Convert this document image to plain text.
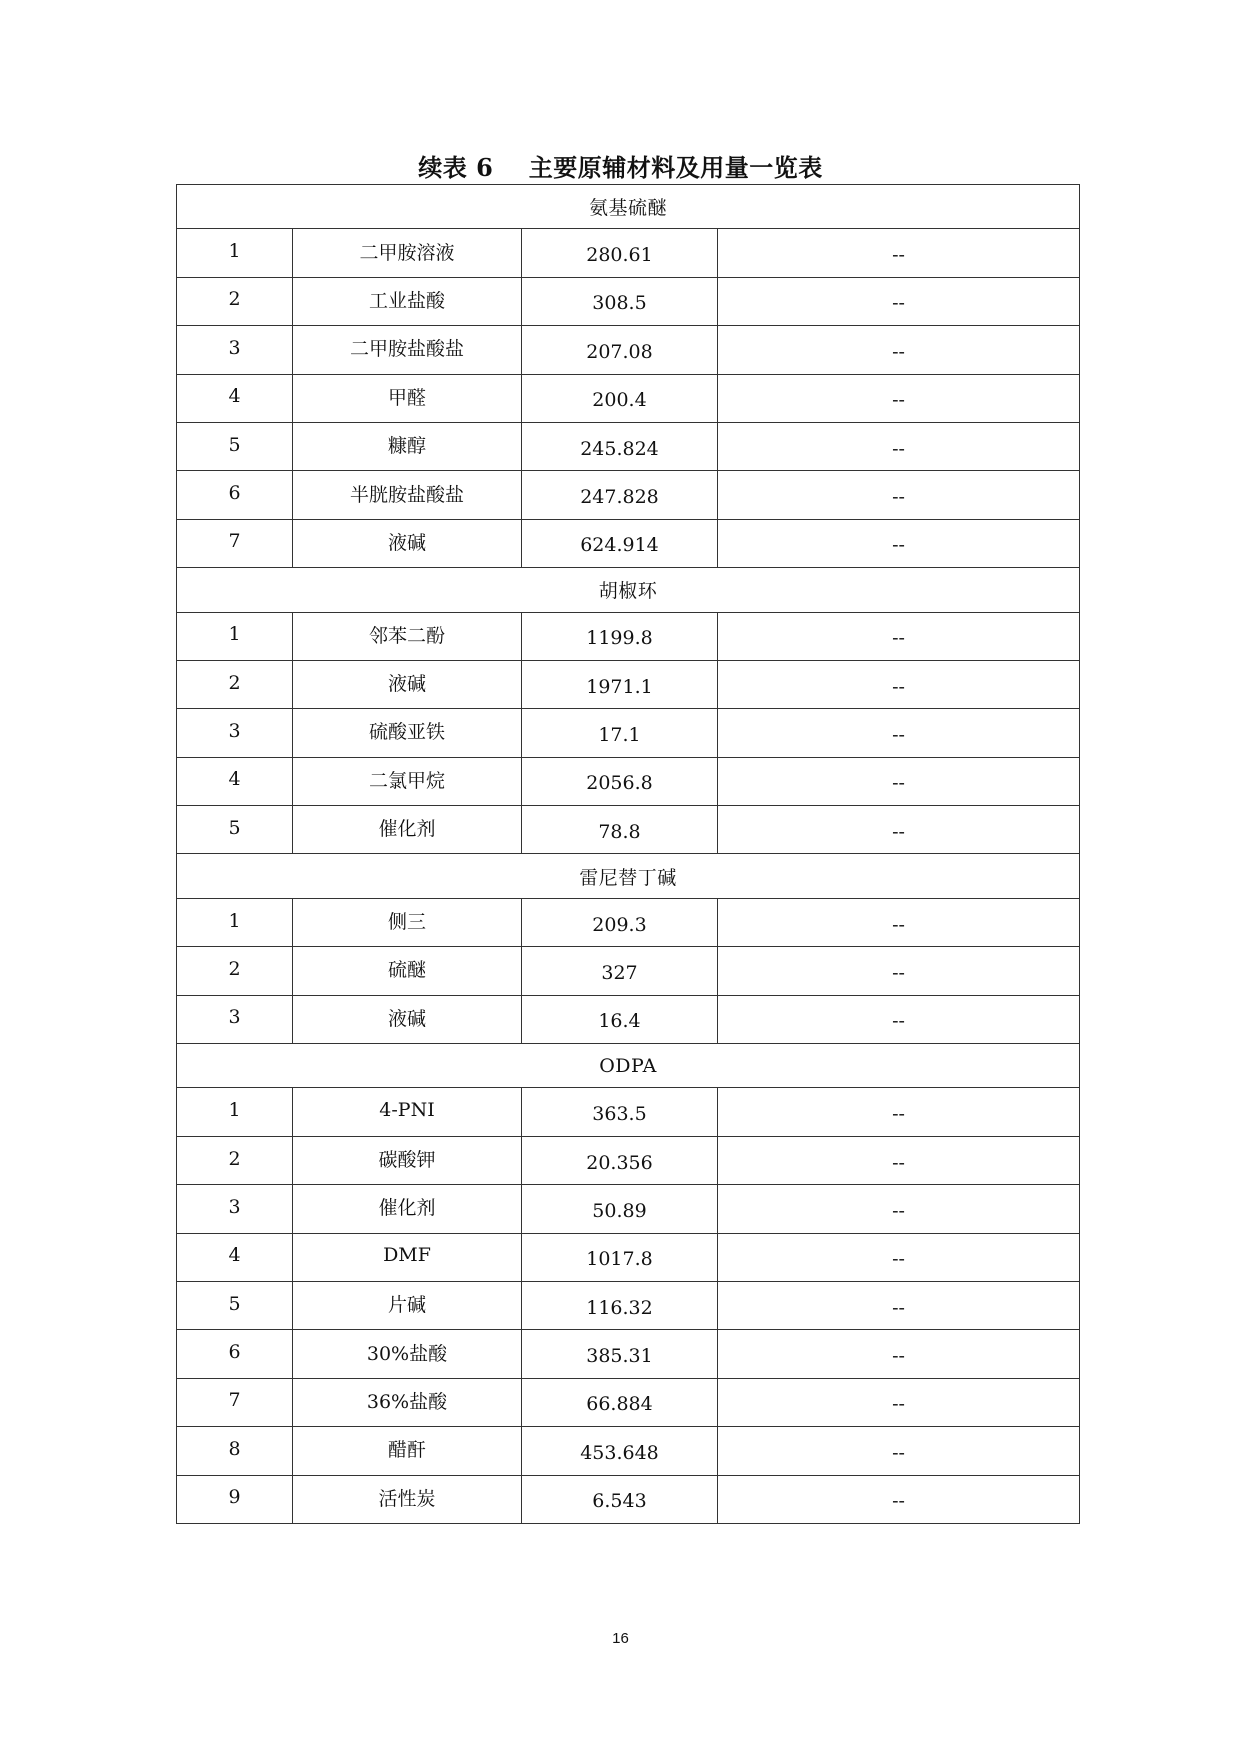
续表 6    主要原辅材料及用量一览表
氨基硫醚			
1	二甲胺溶液	280.61	--
2	工业盐酸	308.5	--
3	二甲胺盐酸盐	207.08	--
4	甲醛	200.4	--
5	糠醇	245.824	--
6	半胱胺盐酸盐	247.828	--
7	液碱	624.914	--
胡椒环			
1	邻苯二酚	1199.8	--
2	液碱	1971.1	--
3	硫酸亚铁	17.1	--
4	二氯甲烷	2056.8	--
5	催化剂	78.8	--
雷尼替丁碱			
1	侧三	209.3	--
2	硫醚	327	--
3	液碱	16.4	--
ODPA			
1	4-PNI	363.5	--
2	碳酸钾	20.356	--
3	催化剂	50.89	--
4	DMF	1017.8	--
5	片碱	116.32	--
6	30%盐酸	385.31	--
7	36%盐酸	66.884	--
8	醋酐	453.648	--
9	活性炭	6.543	--
16
